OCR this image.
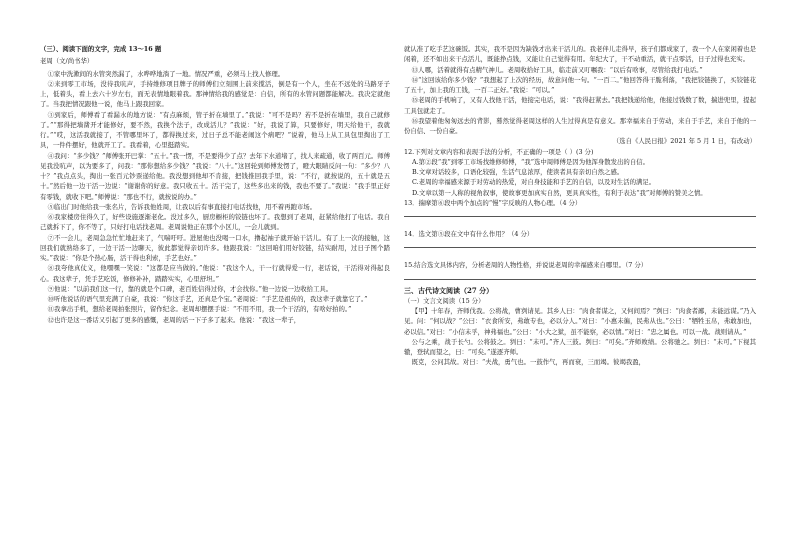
（三）、阅读下面的文字，完成 13～16 题

老周（文/尚书华）

①家中洗漱间的水管突然漏了，水哗哗地淌了一地。情况严重，必须马上找人修理。

②来到零工市场，没待我吭声，手持维修项目牌子的师傅们立刻围上前来揽活，倒是有一个人，坐在不远处的马路牙子上，低着头，看上去六十岁左右，面无表情地眼着我。那神情给我的感觉是：自信，所有的水管问题都能解决。我决定就他了。当我把情况跟他一说，他马上跟我回家。

③到家后，师傅看了看漏水的地方说：“有点麻烦，管子折在墙里了。”我说：“可不是吗？若不是折在墙里，我自己就修了。”“那得把墙凿开才能修好，要不然，我换个法子，改成活儿？”我说：“好，我说了算，只要修好，明天给他干，我就行。”“哎，这活我就接了，不管哪里坏了，都得换过来，过日子总不能老闹这个病吧？”说着，他马上从工具包里掏出了工具，一件件摆好，他就开工了。我看着，心里挺踏实。

④我问：“多少钱？”师傅张开巴掌：“五十。”我一愣，不是要得少了点？去年下水道堵了，找人来疏通，收了两百元。师傅见我没吭声，以为要多了，问我：“那你想给多少钱？”我说：“八十。”这回轮到师傅发愣了，瞪大眼睛反问一句：“多少？八十？”我点点头，掏出一张百元钞票递给他。我没想到他却不肯接，把钱推回我手里，说：“不行，就按说的，五十就是五十。”然后他一边干活一边说：“谢谢你的好意。我只收五十。活干完了，这些多出来的钱，我也不要了。”我说：“我手里正好有零钱，就收下吧。”师傅说：“那也不行，就按说的办。”

⑤临出门时他给我一张名片，告诉我他姓周，让我以后有事直接打电话找他，用不着再跑市场。

⑥我家楼房住得久了，好些设施逐渐老化。没过多久，厨房橱柜的铰链也坏了。我想到了老周，赶紧给他打了电话。我自己就拆下了，你不等了，只好打电话找老周。老周说他正在那个小区儿，一会儿就到。

⑦不一会儿，老周急急忙忙地赶来了，气喘吁吁。进屋他也没喝一口水，撸起袖子就开始干活儿。有了上一次的接触，这回我们就熟络多了，一边干活一边聊天，彼此都觉得亲切许多。他跟我说：“这回咱们用好铰链，结实耐用，过日子图个踏实。”我说：“你是个热心肠，活干得也利索，手艺也好。”

⑧我夸他真仗义，他嘿嘿一笑说：“这都是应当做的。”他说：“我这个人，干一行就得爱一行，老话说，干活得对得起良心。我这辈子，凭手艺吃饭，修修补补，踏踏实实，心里舒坦。”

⑨他说：“以前我们这一行，靠的就是个口碑，老百姓信得过你，才会找你。”他一边说一边收拾工具。

⑩听他说话的语气里充满了自豪，我说：“你这手艺，还真是个宝。”老周说：“手艺是祖传的，我这辈子就靠它了。”

⑪我拿出手机，想给老周拍张照片，留作纪念。老周却摆摆手说：“不用不用，我一个干活的，有啥好拍的。”

⑫也许是这一番话又引起了更多的感慨，老周的话一下子多了起来。他说：“我这一辈子，

就认准了吃手艺这碗饭。其实，我不是因为缺钱才出来干活儿的。我老伴儿走得早，孩子们都成家了，我一个人在家闲着也是闲着，还不如出来干点活儿，既能挣点钱，又能让自己觉得有用。年纪大了，干不动重活，就干点零活，日子过得也充实。

⑬人哪，活着就得有点精气神儿。老周收拾好工具，临走前又叮嘱我：“以后有啥事，尽管给我打电话。”

⑭“这回该给你多少钱？”我想起了上次的经历，故意问他一句。“一百二。”他回答得干脆利落，“我把铰链换了，买铰链花了五十，加上我的工钱，一百二正好。”我说：“可以。”

⑮老周的手机响了，又有人找他干活，他接完电话，说：“我得赶紧去。”我把钱递给他，他接过钱数了数，揣进兜里，提起工具包就走了。

⑯我望着他匆匆远去的背影，蓦然觉得老周这样的人生过得真是有意义。那幸福来自于劳动，来自于手艺，来自于他的一份自信、一份自豪。

（选自《人民日报》2021 年 5 月 1 日，有改动）

12.下列对文章内容和表现手法的分析，不正确的一项是（ ）(3 分)

A.第②段“我”到零工市场找维修师傅，“我”选中周师傅是因为他浑身散发出的自信。

B.文章对话较多，口语化较强，生活气息浓厚，使读者具有亲切自然之感。

C.老周的幸福感来源于对劳动的热爱，对自身技能和手艺的自信，以及对生活的满足。

D.文章以第一人称的视角叙事，使故事更加真实自然，更具真实性，有利于表达“我”对师傅的赞美之情。

13．揣摩第⑥段中两个加点的“慢”字反映的人物心理。（4 分）

14．选文第⑤段在文中有什么作用？（4 分）

15.结合选文具体内容，分析老周的人物性格，并说说老周的幸福感来自哪里。（7 分）

三、古代诗文阅读（27 分）

（一）文言文阅读（15 分）

【甲】十年春，齐师伐我。公将战，曹刿请见。其乡人曰：“肉食者谋之，又何间焉？”刿曰：“肉食者鄙，未能远谋。”乃入见。问：“何以战？”公曰：“衣食所安，弗敢专也，必以分人。”对曰：“小惠未徧，民弗从也。”公曰：“牺牲玉帛，弗敢加也，必以信。”对曰：“小信未孚，神弗福也。”公曰：“小大之狱，虽不能察，必以情。”对曰：“忠之属也。可以一战。战则请从。”

公与之乘，战于长勺。公将鼓之。刿曰：“未可。”齐人三鼓。刿曰：“可矣。”齐师败绩。公将驰之。刿曰：“未可。”下视其辙，登轼而望之，曰：“可矣。”遂逐齐师。

既克，公问其故。对曰：“夫战，勇气也。一鼓作气，再而衰，三而竭。彼竭我盈，
